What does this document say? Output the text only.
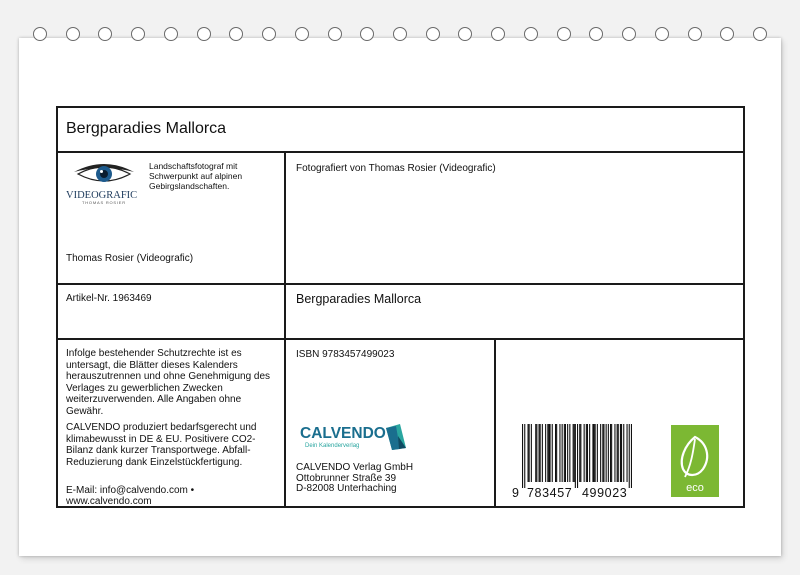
Bergparadies Mallorca
VIDEOGRAFIC
THOMAS ROSIER
Landschaftsfotograf mit
Schwerpunkt auf alpinen
Gebirgslandschaften.
Thomas Rosier (Videografic)
Fotografiert von Thomas Rosier (Videografic)
Artikel-Nr. 1963469	Bergparadies Mallorca
Infolge bestehender Schutzrechte ist es
untersagt, die Blätter dieses Kalenders
herauszutrennen und ohne Genehmigung des
Verlages zu gewerblichen Zwecken
weiterzuverwenden. Alle Angaben ohne
Gewähr.
CALVENDO produziert bedarfsgerecht und
klimabewusst in DE & EU. Positivere CO2-
Bilanz dank kurzer Transportwege. Abfall-
Reduzierung dank Einzelstückfertigung.
E-Mail: info@calvendo.com •
www.calvendo.com
ISBN 9783457499023
CALVENDO
Dein Kalenderverlag
CALVENDO Verlag GmbH
Ottobrunner Straße 39
D-82008 Unterhaching	9 783457 499023	eco
